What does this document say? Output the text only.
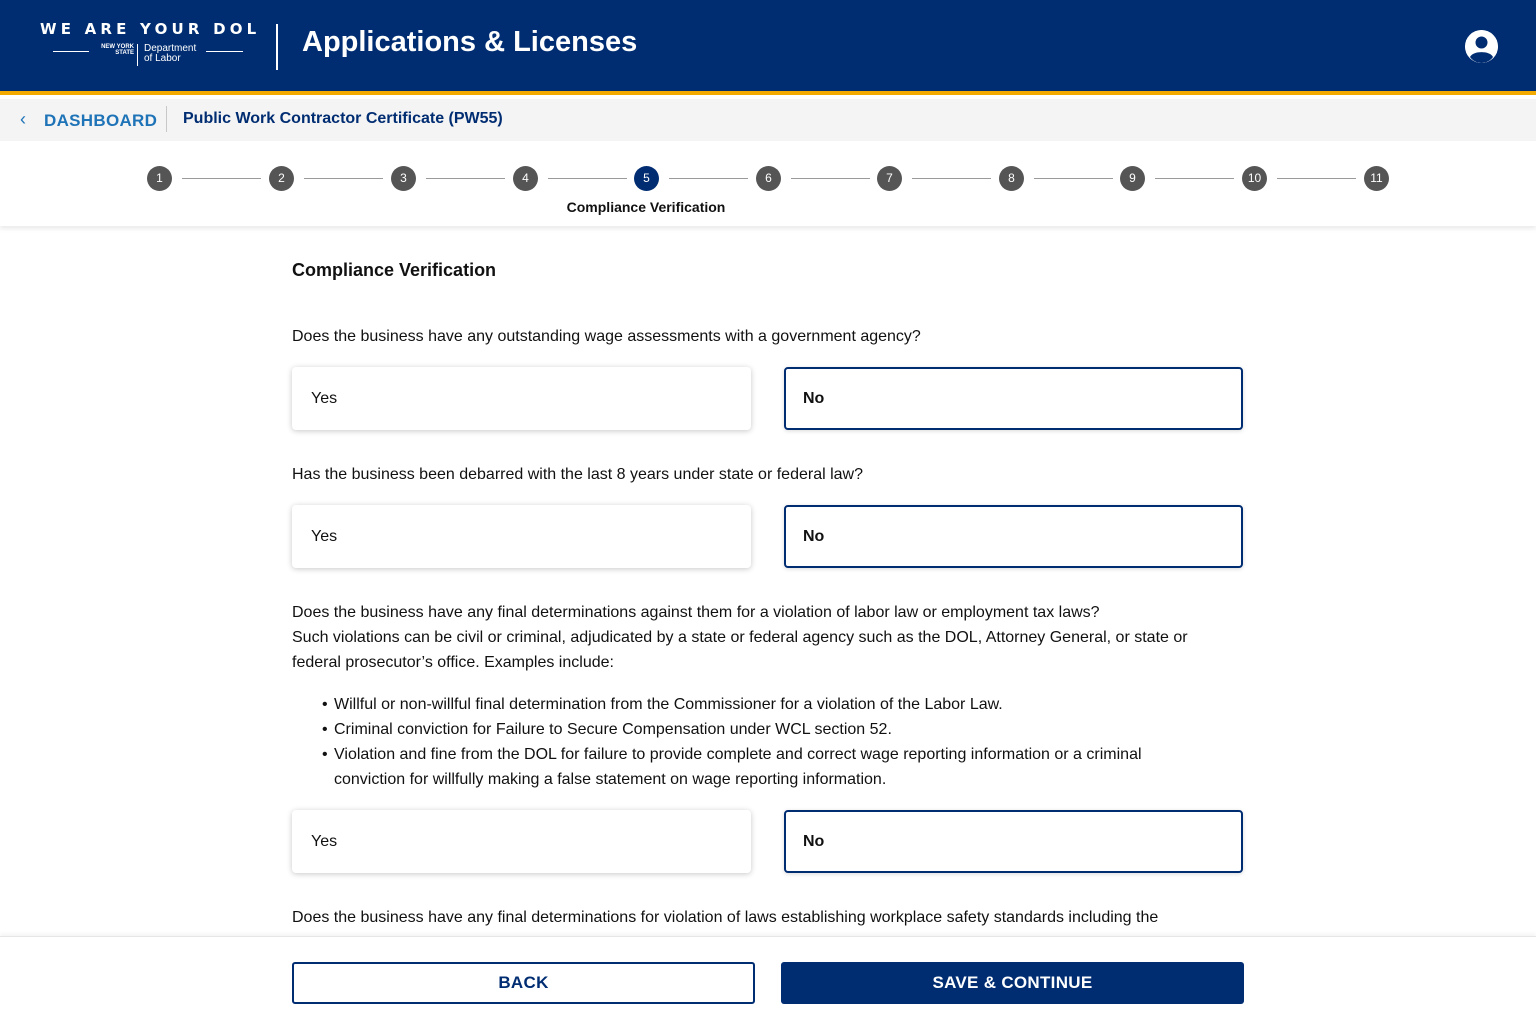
WE ARE YOUR DOL
NEW YORK STATE	Department
of Labor
Applications & Licenses
‹ DASHBOARD Public Work Contractor Certificate (PW55)
1	2	3	4	5	6	7	8	9	10	11
Compliance Verification
Compliance Verification
Does the business have any outstanding wage assessments with a government agency?
Yes	No
Has the business been debarred with the last 8 years under state or federal law?
Yes	No
Does the business have any final determinations against them for a violation of labor law or employment tax laws?
Such violations can be civil or criminal, adjudicated by a state or federal agency such as the DOL, Attorney General, or state or
federal prosecutor’s office. Examples include:
• Willful or non-willful final determination from the Commissioner for a violation of the Labor Law.
• Criminal conviction for Failure to Secure Compensation under WCL section 52.
• Violation and fine from the DOL for failure to provide complete and correct wage reporting information or a criminal
conviction for willfully making a false statement on wage reporting information.
Yes	No
Does the business have any final determinations for violation of laws establishing workplace safety standards including the
BACK	SAVE & CONTINUE
